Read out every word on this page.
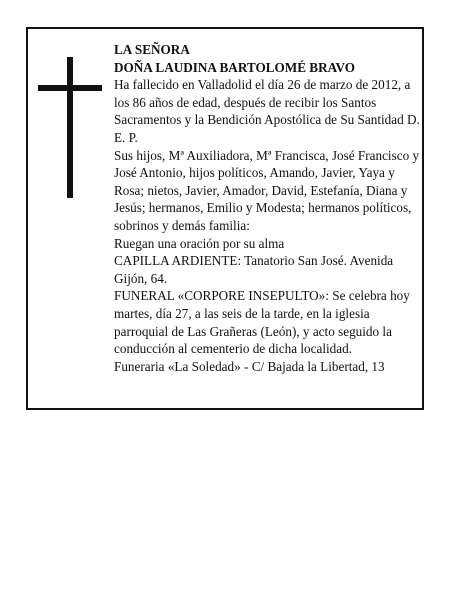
LA SEÑORA

DOÑA LAUDINA BARTOLOMÉ BRAVO

Ha fallecido en Valladolid el día 26 de marzo de 2012, a los 86 años de edad, después de recibir los Santos Sacramentos y la Bendición Apostólica de Su Santidad D. E. P.

Sus hijos, Mª Auxiliadora, Mª Francisca, José Francisco y José Antonio, hijos políticos, Amando, Javier, Yaya y Rosa; nietos, Javier, Amador, David, Estefanía, Diana y Jesús; hermanos, Emilio y Modesta; hermanos políticos, sobrinos y demás familia:

Ruegan una oración por su alma

CAPILLA ARDIENTE: Tanatorio San José. Avenida Gijón, 64.

FUNERAL «CORPORE INSEPULTO»: Se celebra hoy martes, día 27, a las seis de la tarde, en la iglesia parroquial de Las Grañeras (León), y acto seguido la conducción al cementerio de dicha localidad.

Funeraria «La Soledad» - C/ Bajada la Libertad, 13
